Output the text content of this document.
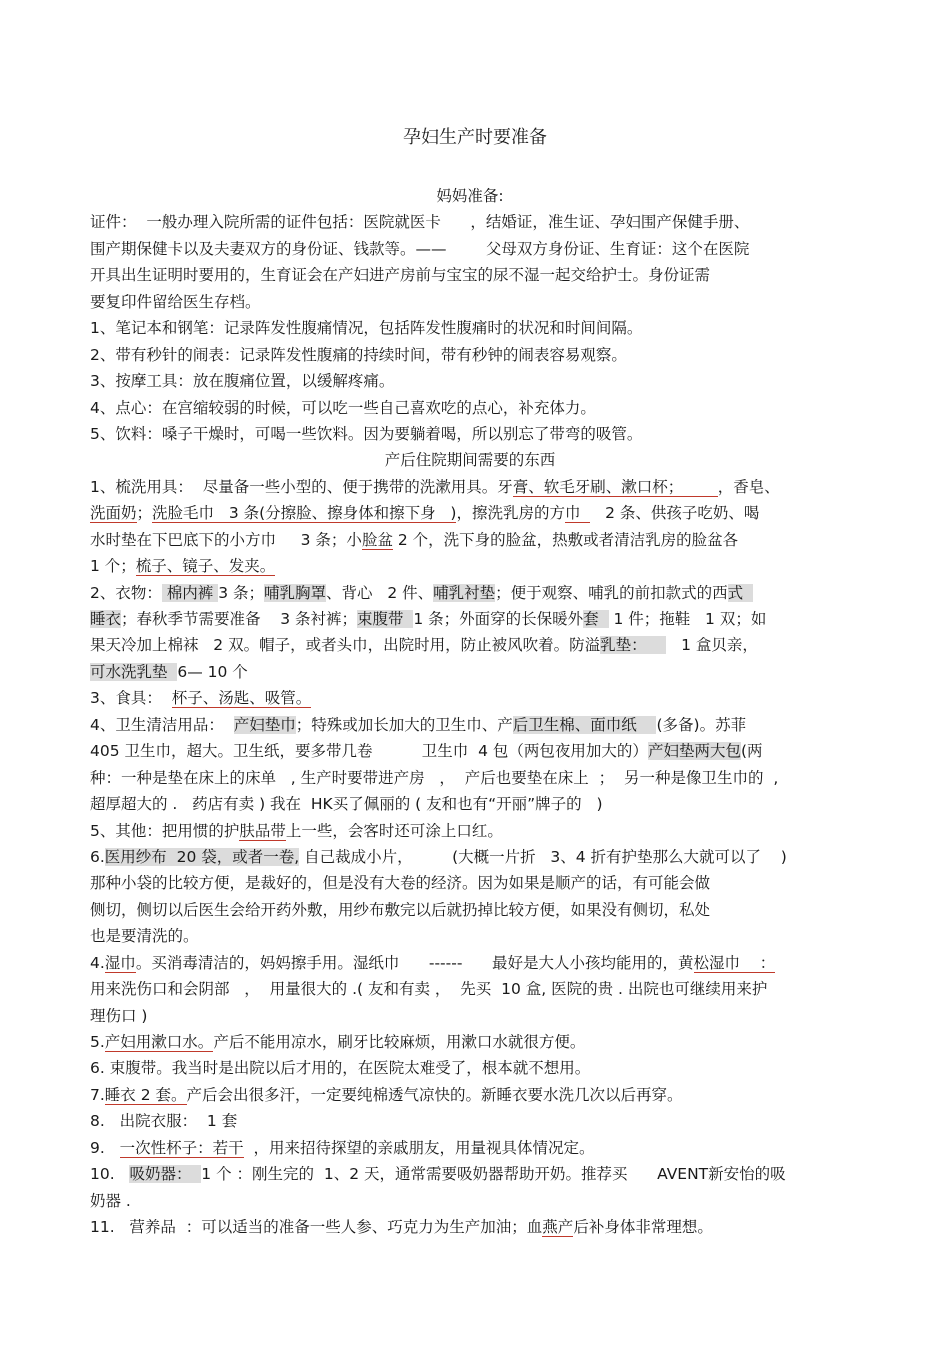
孕妇生产时要准备
妈妈准备:
证件：  一般办理入院所需的证件包括：医院就医卡      ，结婚证，准生证、孕妇围产保健手册、
围产期保健卡以及夫妻双方的身份证、钱款等。——        父母双方身份证、生育证：这个在医院
开具出生证明时要用的，生育证会在产妇进产房前与宝宝的尿不湿一起交给护士。身份证需
要复印件留给医生存档。
1、笔记本和钢笔：记录阵发性腹痛情况，包括阵发性腹痛时的状况和时间间隔。
2、带有秒针的闹表：记录阵发性腹痛的持续时间，带有秒钟的闹表容易观察。
3、按摩工具：放在腹痛位置，以缓解疼痛。
4、点心：在宫缩较弱的时候，可以吃一些自己喜欢吃的点心，补充体力。
5、饮料：嗓子干燥时，可喝一些饮料。因为要躺着喝，所以别忘了带弯的吸管。
产后住院期间需要的东西
1、梳洗用具：  尽量备一些小型的、便于携带的洗漱用具。牙膏、软毛牙刷、漱口杯；       ，香皂、
洗面奶；洗脸毛巾   3 条(分擦脸、擦身体和擦下身   )，擦洗乳房的方巾     2 条、供孩子吃奶、喝
水时垫在下巴底下的小方巾     3 条；小脸盆 2 个，洗下身的脸盆，热敷或者清洁乳房的脸盆各
1 个；梳子、镜子、发夹。
2、衣物： 棉内裤 3 条；哺乳胸罩、背心   2 件、哺乳衬垫；便于观察、哺乳的前扣款式的西式
睡衣；春秋季节需要准备    3 条衬裤；束腹带  1 条；外面穿的长保暖外套   1 件；拖鞋   1 双；如
果天冷加上棉袜   2 双。帽子，或者头巾，出院时用，防止被风吹着。防溢乳垫：       1 盒贝亲，
可水洗乳垫  6— 10 个
3、食具：  杯子、汤匙、吸管。
4、卫生清洁用品：  产妇垫巾；特殊或加长加大的卫生巾、产后卫生棉、面巾纸    (多备)。苏菲
405 卫生巾，超大。卫生纸，要多带几卷          卫生巾  4 包（两包夜用加大的）产妇垫两大包(两
种：一种是垫在床上的床单   , 生产时要带进产房   ，  产后也要垫在床上  ；  另一种是像卫生巾的  ,
超厚超大的 .   药店有卖 ) 我在  HK买了佩丽的 ( 友和也有“开丽”牌子的   )
5、其他：把用惯的护肤品带上一些，会客时还可涂上口红。
6.医用纱布  20 袋，或者一卷, 自己裁成小片，        (大概一片折   3、4 折有护垫那么大就可以了    )
那种小袋的比较方便，是裁好的，但是没有大卷的经济。因为如果是顺产的话，有可能会做
侧切，侧切以后医生会给开药外敷，用纱布敷完以后就扔掉比较方便，如果没有侧切，私处
也是要清洗的。
4.湿巾。买消毒清洁的，妈妈擦手用。湿纸巾      ------      最好是大人小孩均能用的，黄松湿巾    ：
用来洗伤口和会阴部   ，  用量很大的 .( 友和有卖 ，  先买  10 盒, 医院的贵 . 出院也可继续用来护
理伤口 )
5.产妇用漱口水。产后不能用凉水，刷牙比较麻烦，用漱口水就很方便。
6. 束腹带。我当时是出院以后才用的，在医院太难受了，根本就不想用。
7.睡衣 2 套。产后会出很多汗，一定要纯棉透气凉快的。新睡衣要水洗几次以后再穿。
8.   出院衣服：  1 套
9.   一次性杯子：若干  ，用来招待探望的亲戚朋友，用量视具体情况定。
10.   吸奶器：  1 个 ：刚生完的  1、2 天，通常需要吸奶器帮助开奶。推荐买      AVENT新安怡的吸
奶器 .
11.   营养品  ：可以适当的准备一些人参、巧克力为生产加油；血燕产后补身体非常理想。
